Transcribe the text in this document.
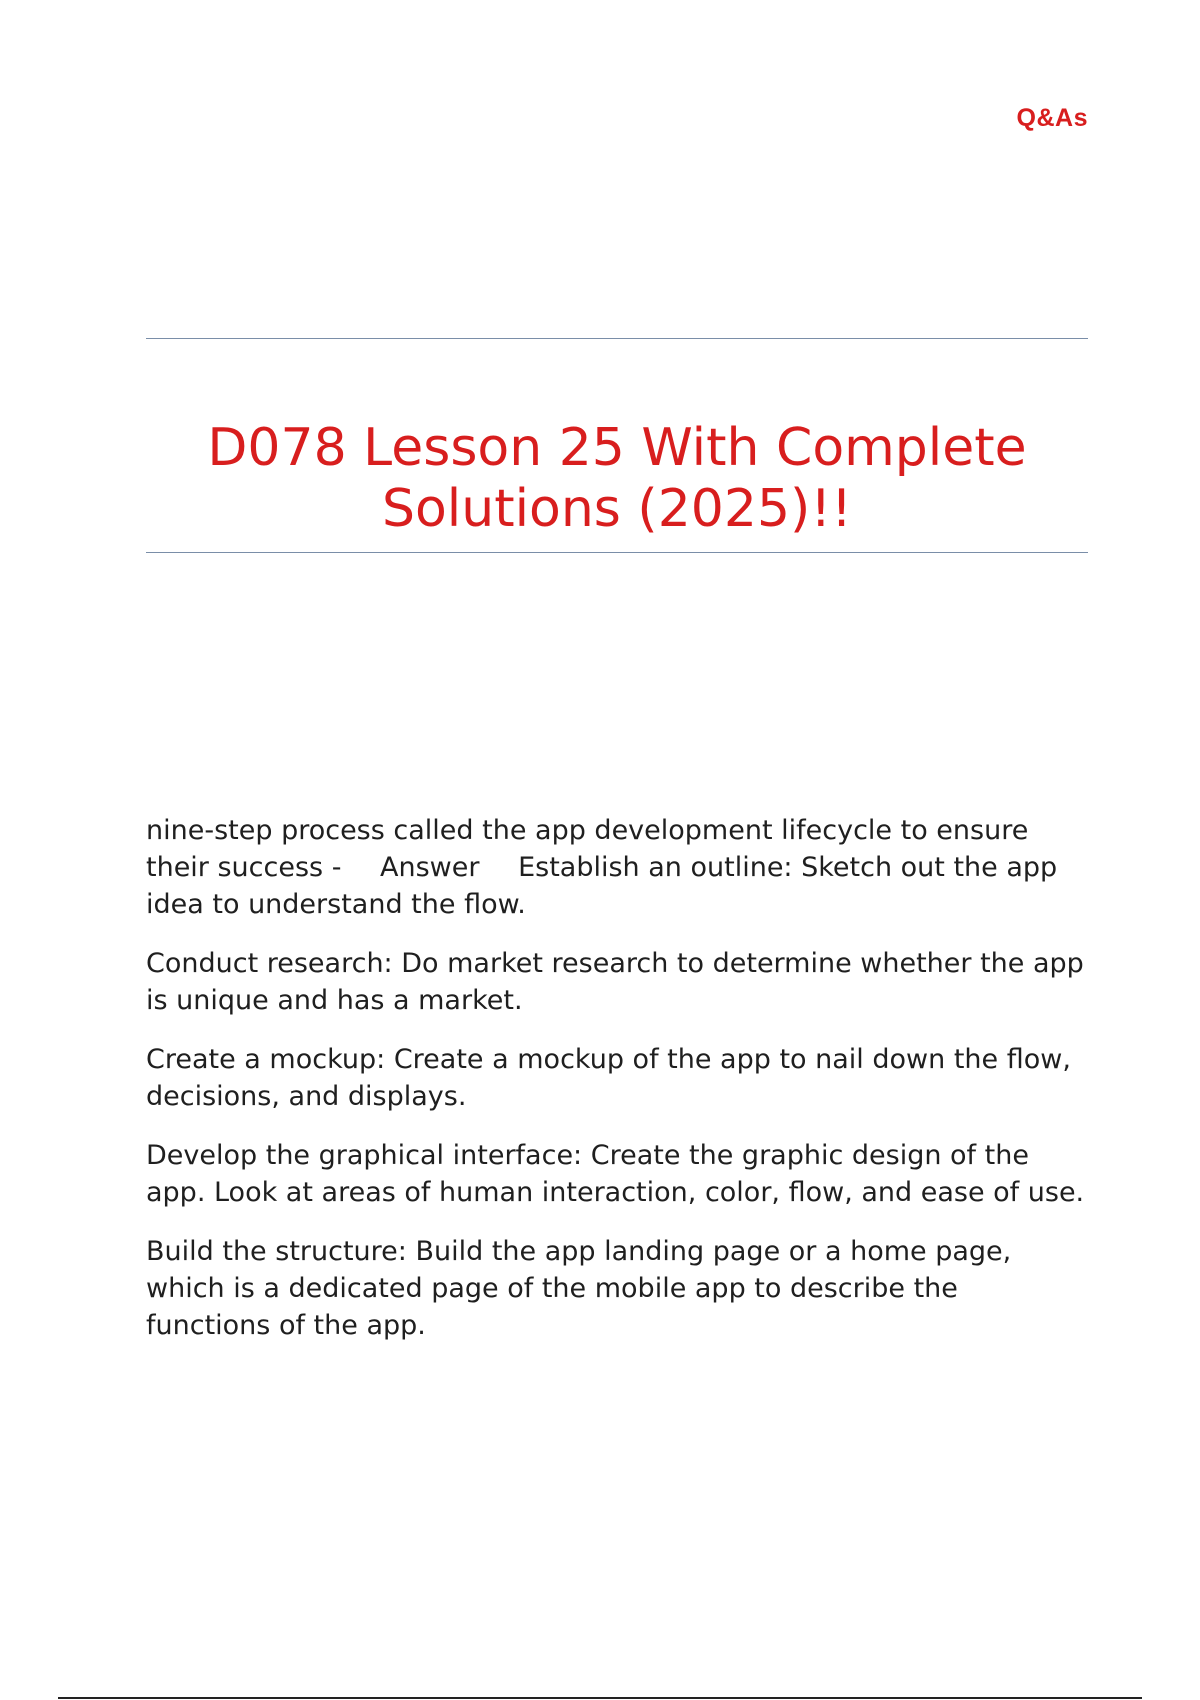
Q&As
D078 Lesson 25 With Complete
Solutions (2025)!!

nine-step process called the app development lifecycle to ensure their success - Answer Establish an outline: Sketch out the app idea to understand the flow.

Conduct research: Do market research to determine whether the app is unique and has a market.

Create a mockup: Create a mockup of the app to nail down the flow, decisions, and displays.

Develop the graphical interface: Create the graphic design of the app. Look at areas of human interaction, color, flow, and ease of use.

Build the structure: Build the app landing page or a home page, which is a dedicated page of the mobile app to describe the functions of the app.
